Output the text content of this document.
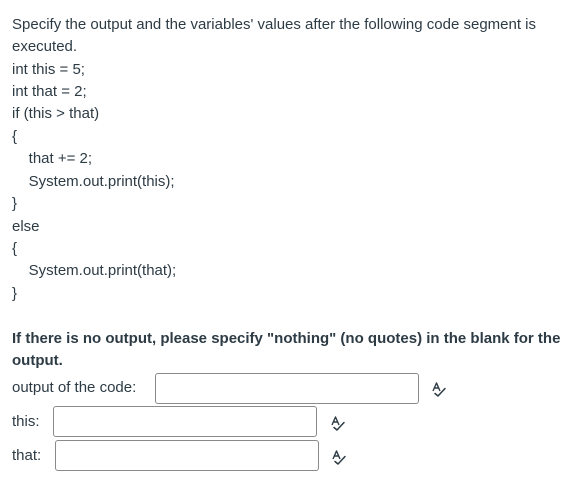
Specify the output and the variables' values after the following code segment is
executed.
int this = 5;
int that = 2;
if (this > that)
{
that += 2;
System.out.print(this);
}
else
{
System.out.print(that);
}
If there is no output, please specify "nothing" (no quotes) in the blank for the
output.
output of the code:
this:
that:
